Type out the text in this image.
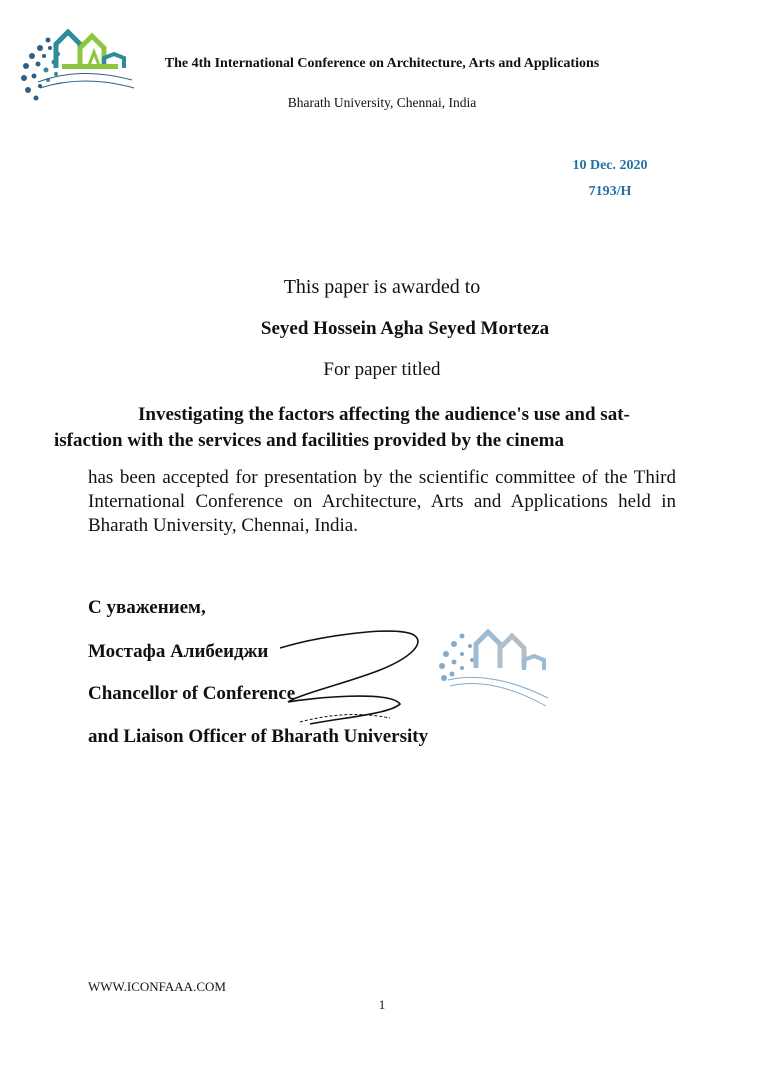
The 4th International Conference on Architecture, Arts and Applications
Bharath University, Chennai, India
10 Dec. 2020
7193/H
This paper is awarded to
Seyed Hossein Agha Seyed Morteza
For paper titled
Investigating the factors affecting the audience's use and sat-
isfaction with the services and facilities provided by the cinema
has been accepted for presentation by the scientific committee of the Third International Conference on Architecture, Arts and Applications held in Bharath University, Chennai, India.
С уважением,
Мостафа Алибеиджи
Chancellor of Conference
and Liaison Officer of Bharath University
WWW.ICONFAAA.COM
1
